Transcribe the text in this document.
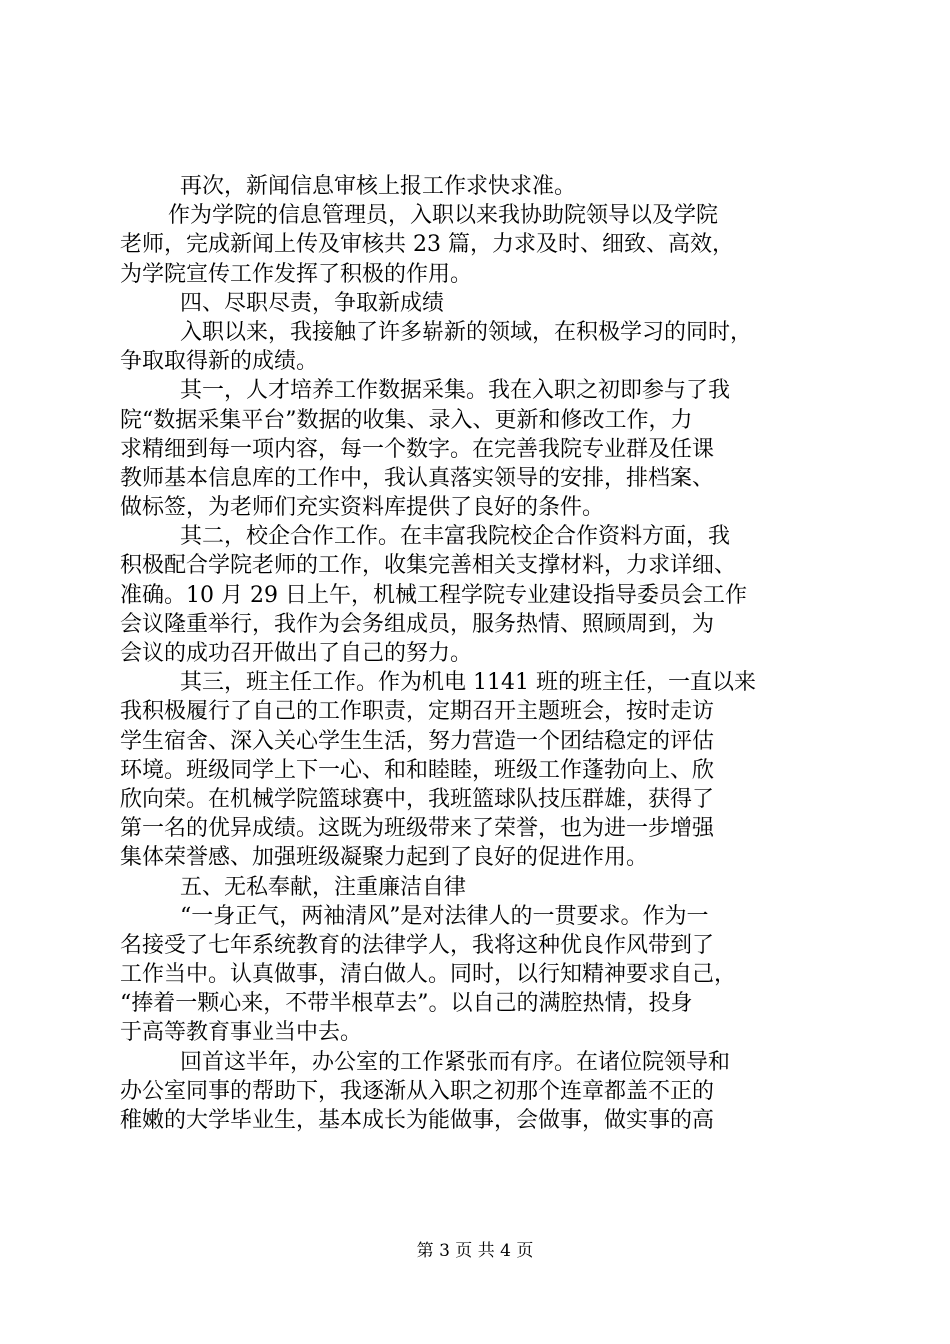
再次，新闻信息审核上报工作求快求准。
作为学院的信息管理员，入职以来我协助院领导以及学院
老师，完成新闻上传及审核共 23 篇，力求及时、细致、高效，
为学院宣传工作发挥了积极的作用。
四、尽职尽责，争取新成绩
入职以来，我接触了许多崭新的领域，在积极学习的同时，
争取取得新的成绩。
其一，人才培养工作数据采集。我在入职之初即参与了我
院“数据采集平台”数据的收集、录入、更新和修改工作，力
求精细到每一项内容，每一个数字。在完善我院专业群及任课
教师基本信息库的工作中，我认真落实领导的安排，排档案、
做标签，为老师们充实资料库提供了良好的条件。
其二，校企合作工作。在丰富我院校企合作资料方面，我
积极配合学院老师的工作，收集完善相关支撑材料，力求详细、
准确。10 月 29 日上午，机械工程学院专业建设指导委员会工作
会议隆重举行，我作为会务组成员，服务热情、照顾周到，为
会议的成功召开做出了自己的努力。
其三，班主任工作。作为机电 1141 班的班主任，一直以来
我积极履行了自己的工作职责，定期召开主题班会，按时走访
学生宿舍、深入关心学生生活，努力营造一个团结稳定的评估
环境。班级同学上下一心、和和睦睦，班级工作蓬勃向上、欣
欣向荣。在机械学院篮球赛中，我班篮球队技压群雄，获得了
第一名的优异成绩。这既为班级带来了荣誉，也为进一步增强
集体荣誉感、加强班级凝聚力起到了良好的促进作用。
五、无私奉献，注重廉洁自律
“一身正气，两袖清风”是对法律人的一贯要求。作为一
名接受了七年系统教育的法律学人，我将这种优良作风带到了
工作当中。认真做事，清白做人。同时，以行知精神要求自己，
“捧着一颗心来，不带半根草去”。以自己的满腔热情，投身
于高等教育事业当中去。
回首这半年，办公室的工作紧张而有序。在诸位院领导和
办公室同事的帮助下，我逐渐从入职之初那个连章都盖不正的
稚嫩的大学毕业生，基本成长为能做事，会做事，做实事的高
第 3 页 共 4 页
